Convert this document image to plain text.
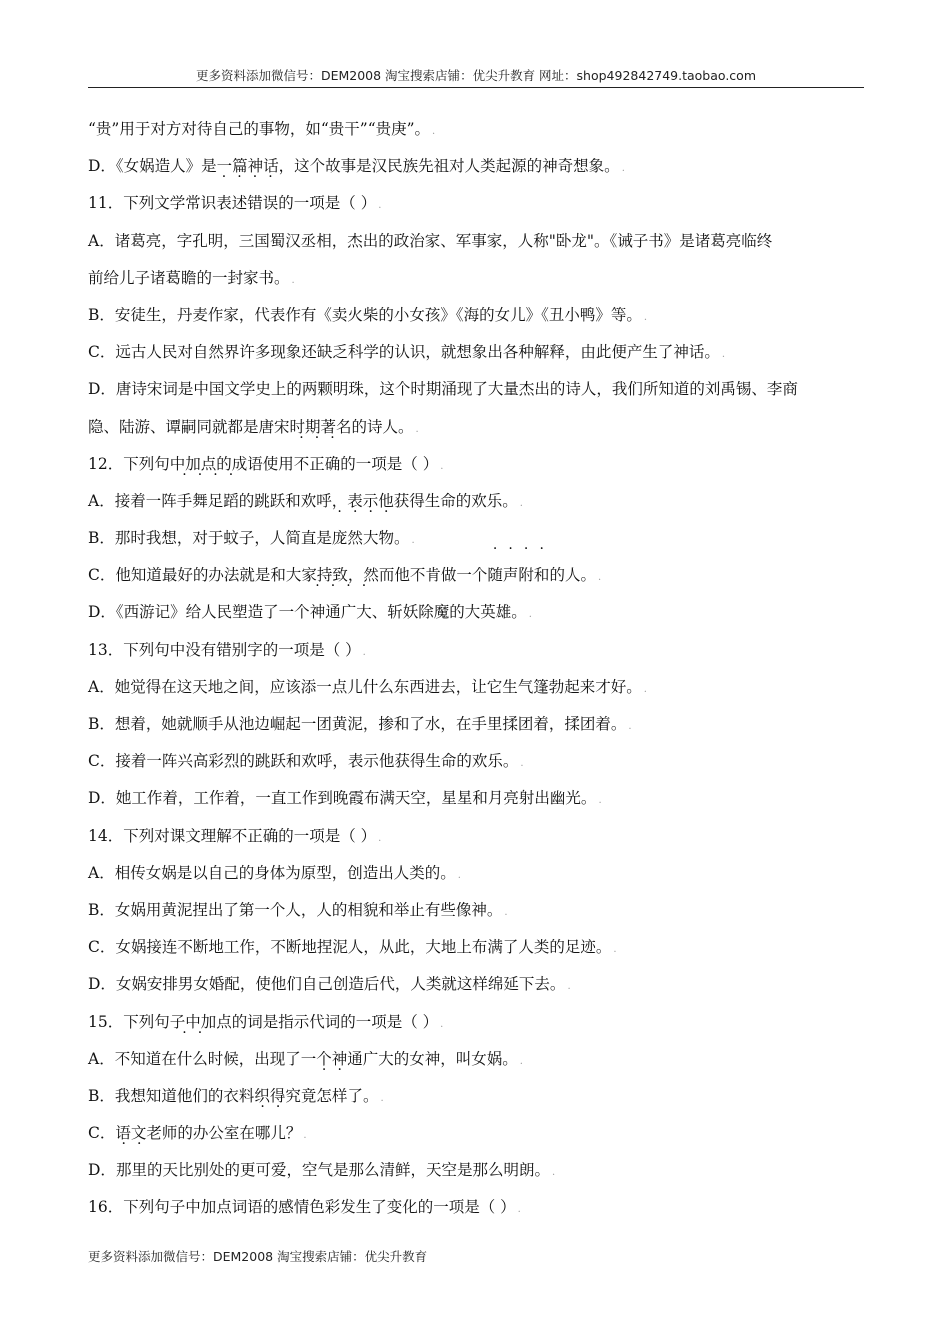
更多资料添加微信号：DEM2008 淘宝搜索店铺：优尖升教育 网址：shop492842749.taobao.com
“贵”用于对方对待自己的事物，如“贵干”“贵庚”。 .
D．《女娲造人》是一篇神话，这个故事是汉民族先祖对人类起源的神奇想象。 .
11．下列文学常识表述错误的一项是（ ） .
A．诸葛亮，字孔明，三国蜀汉丞相，杰出的政治家、军事家，人称"卧龙"。《诫子书》是诸葛亮临终
前给儿子诸葛瞻的一封家书。 .
B．安徒生，丹麦作家，代表作有《卖火柴的小女孩》《海的女儿》《丑小鸭》等。 .
C．远古人民对自然界许多现象还缺乏科学的认识，就想象出各种解释，由此便产生了神话。 .
D．唐诗宋词是中国文学史上的两颗明珠，这个时期涌现了大量杰出的诗人，我们所知道的刘禹锡、李商
隐、陆游、谭嗣同就都是唐宋时期著名的诗人。 .
12．下列句中加点的成语使用不正确的一项是（ ） .
A．接着一阵手舞足蹈的跳跃和欢呼，表示他获得生命的欢乐。 .
B．那时我想，对于蚊子，人简直是庞然大物。 .
C．他知道最好的办法就是和大家持致，然而他不肯做一个随声附和的人。 .
D．《西游记》给人民塑造了一个神通广大、斩妖除魔的大英雄。 .
13．下列句中没有错别字的一项是（ ） .
A．她觉得在这天地之间，应该添一点儿什么东西进去，让它生气篷勃起来才好。 .
B．想着，她就顺手从池边崛起一团黄泥，掺和了水，在手里揉团着，揉团着。 .
C．接着一阵兴高彩烈的跳跃和欢呼，表示他获得生命的欢乐。 .
D．她工作着，工作着，一直工作到晚霞布满天空，星星和月亮射出幽光。 .
14．下列对课文理解不正确的一项是（ ） .
A．相传女娲是以自己的身体为原型，创造出人类的。 .
B．女娲用黄泥捏出了第一个人，人的相貌和举止有些像神。 .
C．女娲接连不断地工作，不断地捏泥人，从此，大地上布满了人类的足迹。 .
D．女娲安排男女婚配，使他们自己创造后代，人类就这样绵延下去。 .
15．下列句子中加点的词是指示代词的一项是（ ） .
A．不知道在什么时候，出现了一个神通广大的女神，叫女娲。 .
B．我想知道他们的衣料织得究竟怎样了。 .
C．语文老师的办公室在哪儿？ .
D．那里的天比别处的更可爱，空气是那么清鲜，天空是那么明朗。 .
16．下列句子中加点词语的感情色彩发生了变化的一项是（ ） .
更多资料添加微信号：DEM2008 淘宝搜索店铺：优尖升教育
